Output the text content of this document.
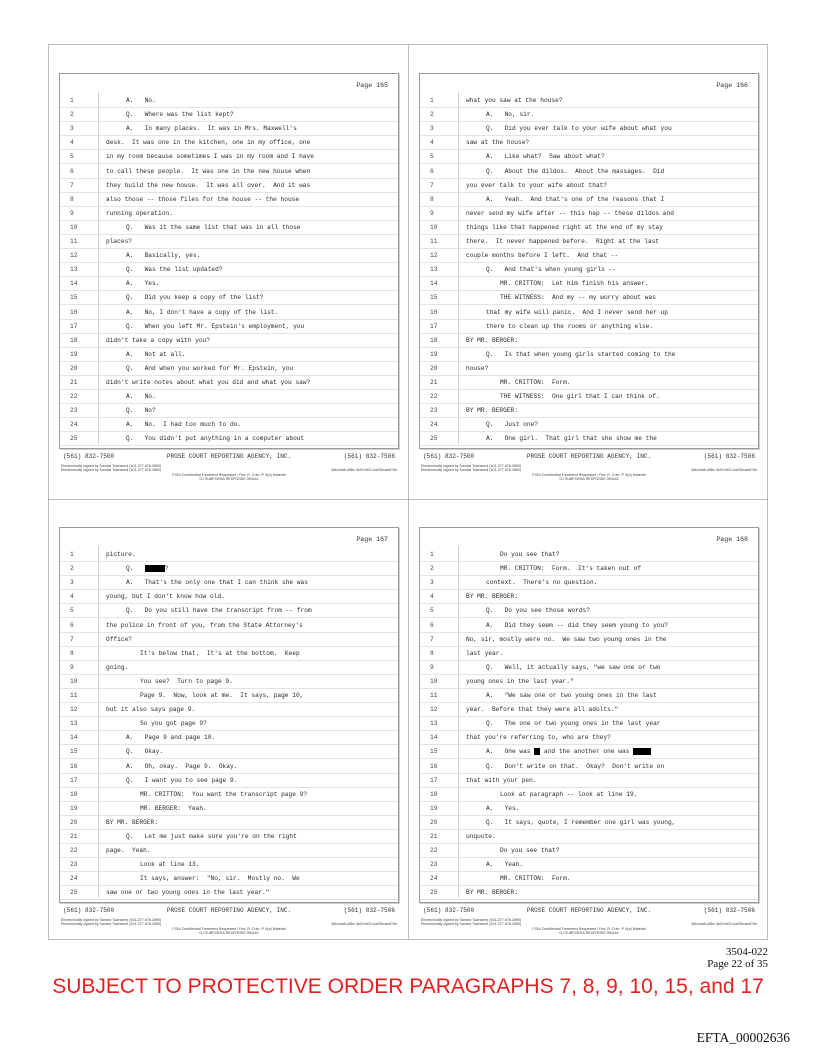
Page 165
1	A.   No.
2	Q.   Where was the list kept?
3	A.   In many places.  It was in Mrs. Maxwell's
4	desk.  It was one in the kitchen, one in my office, one
5	in my room because sometimes I was in my room and I have
6	to call these people.  It was one in the new house when
7	they build the new house.  It was all over.  And it was
8	also those -- those files for the house -- the house
9	running operation.
10	Q.   Was it the same list that was in all those
11	places?
12	A.   Basically, yes.
13	Q.   Was the list updated?
14	A.   Yes.
15	Q.   Did you keep a copy of the list?
16	A.   No, I don't have a copy of the list.
17	Q.   When you left Mr. Epstein's employment, you
18	didn't take a copy with you?
19	A.   Not at all.
20	Q.   And when you worked for Mr. Epstein, you
21	didn't write notes about what you did and what you saw?
22	A.   No.
23	Q.   No?
24	A.   No.  I had too much to do.
25	Q.   You didn't put anything in a computer about
(561) 832-7500	PROSE COURT REPORTING AGENCY, INC.	(561) 832-7506
Electronically signed by Sandra Townsend (401-377-676-2890)
Electronically signed by Sandra Townsend (401-377-676-2890)	3afc3ca8-c86e-4b0f-9d01-ba20bcae87de
FOIA Confidential Treatment Requested / Fed. R. Crim. P. 6(e) Material
GJ SUBPOENA RESPONSE 000441
Page 166
1	what you saw at the house?
2	A.   No, sir.
3	Q.   Did you ever talk to your wife about what you
4	saw at the house?
5	A.   Like what?  Saw about what?
6	Q.   About the dildos.  About the massages.  Did
7	you ever talk to your wife about that?
8	A.   Yeah.  And that's one of the reasons that I
9	never send my wife after -- this hap -- these dildos and
10	things like that happened right at the end of my stay
11	there.  It never happened before.  Right at the last
12	couple months before I left.  And that --
13	Q.   And that's when young girls --
14	MR. CRITTON:  Let him finish his answer.
15	THE WITNESS:  And my -- my worry about was
16	that my wife will panic.  And I never send her up
17	there to clean up the rooms or anything else.
18	BY MR. BERGER:
19	Q.   Is that when young girls started coming to the
20	house?
21	MR. CRITTON:  Form.
22	THE WITNESS:  One girl that I can think of.
23	BY MR. BERGER:
24	Q.   Just one?
25	A.   One girl.  That girl that she show me the
(561) 832-7500	PROSE COURT REPORTING AGENCY, INC.	(561) 832-7506
Electronically signed by Sandra Townsend (401-377-676-2890)
Electronically signed by Sandra Townsend (401-377-676-2890)	3afc3ca8-c86e-4b0f-9d01-ba20bcae87de
FOIA Confidential Treatment Requested / Fed. R. Crim. P. 6(e) Material
GJ SUBPOENA RESPONSE 000442
Page 167
1	picture.
2	Q.	?
3	A.   That's the only one that I can think she was
4	young, but I don't know how old.
5	Q.   Do you still have the transcript from -- from
6	the police in front of you, from the State Attorney's
7	Office?
8	It's below that.  It's at the bottom.  Keep
9	going.
10	You see?  Turn to page 9.
11	Page 9.  Now, look at me.  It says, page 10,
12	but it also says page 9.
13	So you got page 9?
14	A.   Page 9 and page 10.
15	Q.   Okay.
16	A.   Oh, okay.  Page 9.  Okay.
17	Q.   I want you to see page 9.
18	MR. CRITTON:  You want the transcript page 9?
19	MR. BERGER:  Yeah.
20	BY MR. BERGER:
21	Q.   Let me just make sure you're on the right
22	page.  Yeah.
23	Look at line 13.
24	It says, answer:  "No, sir.  Mostly no.  We
25	saw one or two young ones in the last year."
(561) 832-7500	PROSE COURT REPORTING AGENCY, INC.	(561) 832-7506
Electronically signed by Sandra Townsend (401-377-676-2890)
Electronically signed by Sandra Townsend (401-377-676-2890)	3afc3ca8-c86e-4b0f-9d01-ba20bcae87de
FOIA Confidential Treatment Requested / Fed. R. Crim. P. 6(e) Material
GJ SUBPOENA RESPONSE 000443
Page 168
1	Do you see that?
2	MR. CRITTON:  Form.  It's taken out of
3	context.  There's no question.
4	BY MR. BERGER:
5	Q.   Do you see those words?
6	A.   Did they seem -- did they seem young to you?
7	No, sir, mostly were no.  We saw two young ones in the
8	last year.
9	Q.   Well, it actually says, "we saw one or two
10	young ones in the last year."
11	A.   "We saw one or two young ones in the last
12	year.  Before that they were all adults."
13	Q.   The one or two young ones in the last year
14	that you're referring to, who are they?
15	A.   One was  and the another one was
16	Q.   Don't write on that.  Okay?  Don't write on
17	that with your pen.
18	Look at paragraph -- look at line 19.
19	A.   Yes.
20	Q.   It says, quote, I remember one girl was young,
21	unquote.
22	Do you see that?
23	A.   Yeah.
24	MR. CRITTON:  Form.
25	BY MR. BERGER:
(561) 832-7500	PROSE COURT REPORTING AGENCY, INC.	(561) 832-7506
Electronically signed by Sandra Townsend (401-377-676-2890)
Electronically signed by Sandra Townsend (401-377-676-2890)	3afc3ca8-c86e-4b0f-9d01-ba20bcae87de
FOIA Confidential Treatment Requested / Fed. R. Crim. P. 6(e) Material
GJ SUBPOENA RESPONSE 000444
3504-022
Page 22 of 35
SUBJECT TO PROTECTIVE ORDER PARAGRAPHS 7, 8, 9, 10, 15, and 17
EFTA_00002636
